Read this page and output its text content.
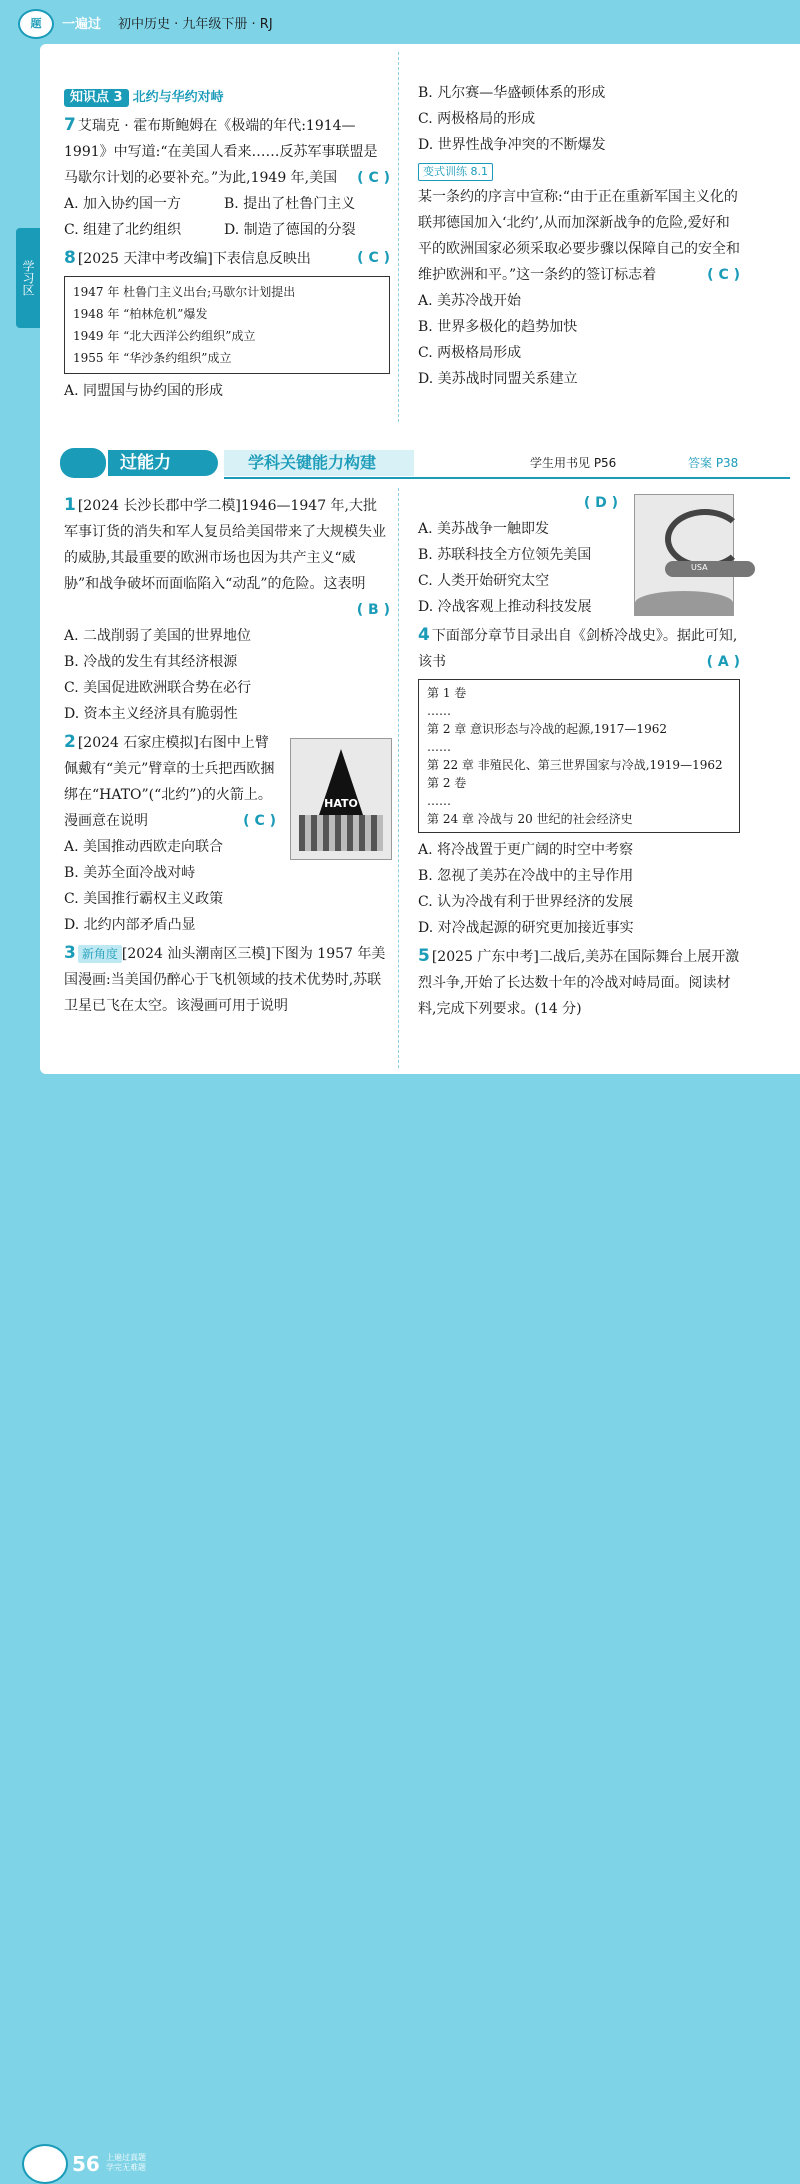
题	一遍过 初中历史 · 九年级下册 · RJ
学习区
知识点 3 北约与华约对峙
7 艾瑞克 · 霍布斯鲍姆在《极端的年代:1914—1991》中写道:“在美国人看来……反苏军事联盟是马歇尔计划的必要补充。”为此,1949 年,美国 ( C )
A. 加入协约国一方	B. 提出了杜鲁门主义 C. 组建了北约组织	D. 制造了德国的分裂
8 [2025 天津中考改编]下表信息反映出	( C )
1947 年 杜鲁门主义出台;马歇尔计划提出
1948 年 “柏林危机”爆发
1949 年 “北大西洋公约组织”成立
1955 年 “华沙条约组织”成立
A. 同盟国与协约国的形成
B. 凡尔赛—华盛顿体系的形成
C. 两极格局的形成
D. 世界性战争冲突的不断爆发
变式训练 8.1
某一条约的序言中宣称:“由于正在重新军国主义化的联邦德国加入‘北约’,从而加深新战争的危险,爱好和平的欧洲国家必须采取必要步骤以保障自己的安全和维护欧洲和平。”这一条约的签订标志着	( C )
A. 美苏冷战开始
B. 世界多极化的趋势加快
C. 两极格局形成
D. 美苏战时同盟关系建立
过能力	学科关键能力构建	学生用书见 P56	答案 P38
1 [2024 长沙长郡中学二模]1946—1947 年,大批军事订货的消失和军人复员给美国带来了大规模失业的威胁,其最重要的欧洲市场也因为共产主义“威胁”和战争破坏而面临陷入“动乱”的危险。这表明
( B )
A. 二战削弱了美国的世界地位
B. 冷战的发生有其经济根源
C. 美国促进欧洲联合势在必行
D. 资本主义经济具有脆弱性
2 [2024 石家庄模拟]右图中上臂佩戴有“美元”臂章的士兵把西欧捆绑在“HATO”(“北约”)的火箭上。漫画意在说明	( C )
A. 美国推动西欧走向联合
B. 美苏全面冷战对峙
C. 美国推行霸权主义政策
D. 北约内部矛盾凸显
3 新角度 [2024 汕头潮南区三模]下图为 1957 年美国漫画:当美国仍醉心于飞机领域的技术优势时,苏联卫星已飞在太空。该漫画可用于说明
HATO
( D )
A. 美苏战争一触即发
B. 苏联科技全方位领先美国
C. 人类开始研究太空
D. 冷战客观上推动科技发展
4 下面部分章节目录出自《剑桥冷战史》。据此可知,该书	( A )
第 1 卷
……
第 2 章 意识形态与冷战的起源,1917—1962
……
第 22 章 非殖民化、第三世界国家与冷战,1919—1962
第 2 卷
……
第 24 章 冷战与 20 世纪的社会经济史
A. 将冷战置于更广阔的时空中考察
B. 忽视了美苏在冷战中的主导作用
C. 认为冷战有利于世界经济的发展
D. 对冷战起源的研究更加接近事实
5 [2025 广东中考]二战后,美苏在国际舞台上展开激烈斗争,开始了长达数十年的冷战对峙局面。阅读材料,完成下列要求。(14 分)
USA
56 上遍过真题 学完无难题
